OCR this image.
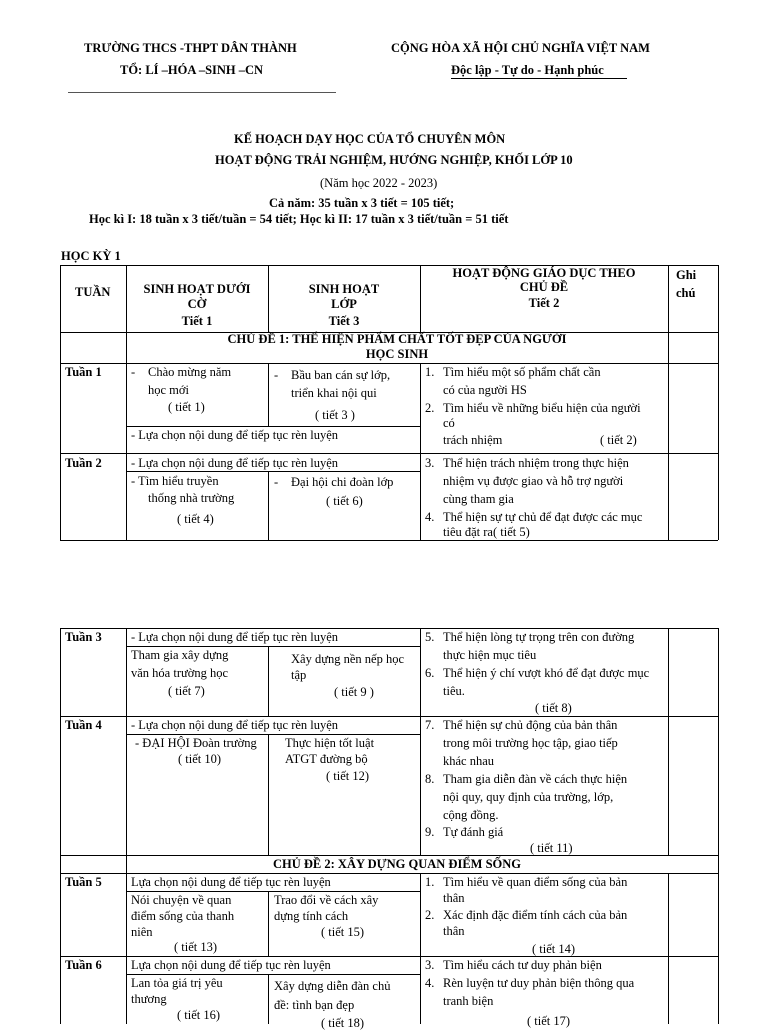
TRƯỜNG THCS -THPT DÂN THÀNH
TỔ: LÍ –HÓA –SINH –CN
CỘNG HÒA XÃ HỘI CHỦ NGHĨA VIỆT NAM
Độc lập - Tự do - Hạnh phúc
KẾ HOẠCH DẠY HỌC CỦA TỔ CHUYÊN MÔN
HOẠT ĐỘNG TRẢI NGHIỆM, HƯỚNG NGHIỆP, KHỐI LỚP 10
(Năm học 2022 - 2023)
Cả năm: 35 tuần x 3 tiết = 105 tiết;
Học kì I: 18 tuần x 3 tiết/tuần = 54 tiết; Học kì II: 17 tuần x 3 tiết/tuần = 51 tiết
HỌC KỲ 1
TUẦN	SINH HOẠT DƯỚI
CỜ
Tiết 1
SINH HOẠT
LỚP
Tiết 3
HOẠT ĐỘNG GIÁO DỤC THEO
CHỦ ĐỀ
Tiết 2
Ghi
chú
CHỦ ĐỀ 1: THỂ HIỆN PHẨM CHẤT TỐT ĐẸP CỦA NGƯỜI
HỌC SINH
Tuần 1 - Chào mừng năm
học mới
( tiết 1)
- Bầu ban cán sự lớp,
triển khai nội qui
( tiết 3 )
- Lựa chọn nội dung để tiếp tục rèn luyện
1. Tìm hiểu một số phẩm chất cần
có của người HS
2. Tìm hiểu về những biểu hiện của người
có
trách nhiệm	( tiết 2)
Tuần 2 - Lựa chọn nội dung để tiếp tục rèn luyện
- Tìm hiểu truyền
thống nhà trường
( tiết 4)
- Đại hội chi đoàn lớp
( tiết 6)
3. Thể hiện trách nhiệm trong thực hiện
nhiệm vụ được giao và hỗ trợ người
cùng tham gia
4. Thể hiện sự tự chủ để đạt được các mục
tiêu đặt ra( tiết 5)
Tuần 3 - Lựa chọn nội dung để tiếp tục rèn luyện
Tham gia xây dựng
văn hóa trường học
( tiết 7)
Xây dựng nền nếp học
tập
( tiết 9 )
5. Thể hiện lòng tự trọng trên con đường
thực hiện mục tiêu
6. Thể hiện ý chí vượt khó để đạt được mục
tiêu.
( tiết 8)
Tuần 4 - Lựa chọn nội dung để tiếp tục rèn luyện
- ĐẠI HỘI Đoàn trường
( tiết 10)
Thực hiện tốt luật
ATGT đường bộ
( tiết 12)
7. Thể hiện sự chủ động của bản thân
trong môi trường học tập, giao tiếp
khác nhau
8. Tham gia diễn đàn về cách thực hiện
nội quy, quy định của trường, lớp,
cộng đồng.
9. Tự đánh giá
( tiết 11)
CHỦ ĐỀ 2: XÂY DỰNG QUAN ĐIỂM SỐNG
Tuần 5 Lựa chọn nội dung để tiếp tục rèn luyện
Nói chuyện về quan
điểm sống của thanh
niên
( tiết 13)
Trao đổi về cách xây
dựng tính cách
( tiết 15)
1. Tìm hiểu về quan điểm sống của bản
thân
2. Xác định đặc điểm tính cách của bản
thân
( tiết 14)
Tuần 6 Lựa chọn nội dung để tiếp tục rèn luyện
Lan tỏa giá trị yêu
thương
( tiết 16)
Xây dựng diễn đàn chủ
đề: tình bạn đẹp
( tiết 18)
3. Tìm hiểu cách tư duy phản biện
4. Rèn luyện tư duy phản biện thông qua
tranh biện
( tiết 17)
